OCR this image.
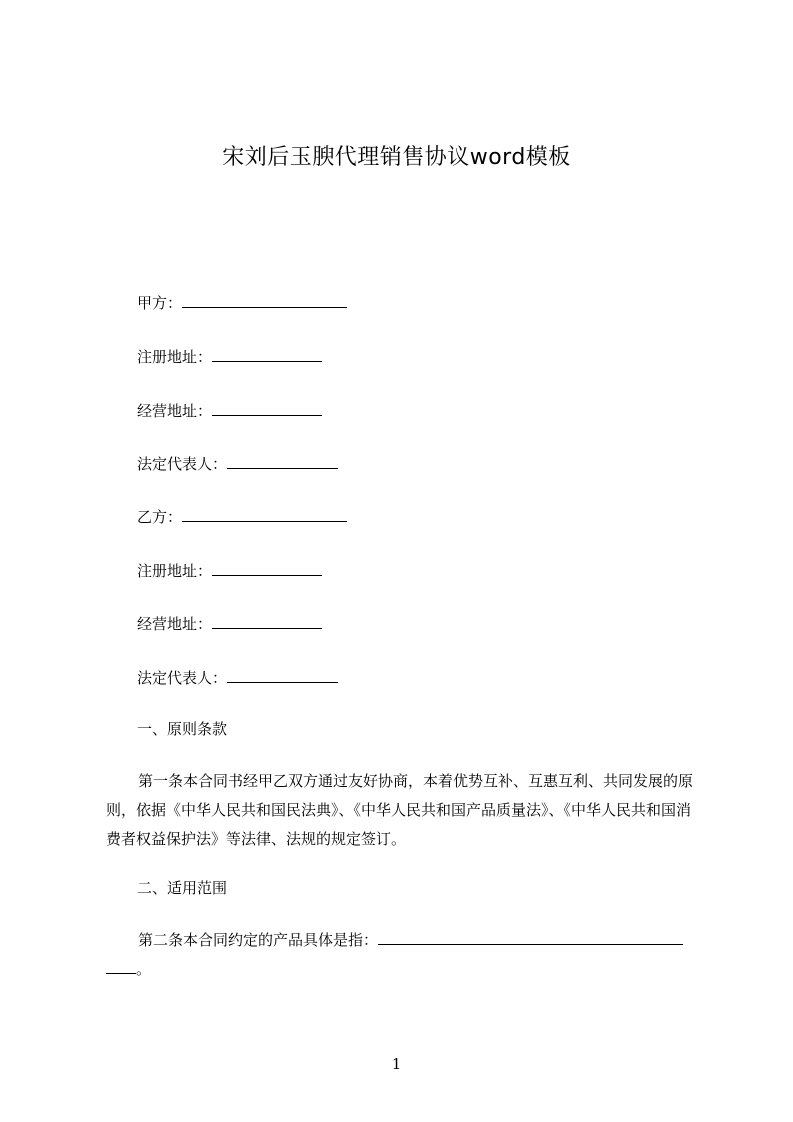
宋刘后玉腴代理销售协议word模板
甲方：
注册地址：
经营地址：
法定代表人：
乙方：
注册地址：
经营地址：
法定代表人：
一、原则条款
第一条本合同书经甲乙双方通过友好协商，本着优势互补、互惠互利、共同发展的原则，依据《中华人民共和国民法典》、《中华人民共和国产品质量法》、《中华人民共和国消费者权益保护法》等法律、法规的规定签订。
二、适用范围
第二条本合同约定的产品具体是指：
。
1
